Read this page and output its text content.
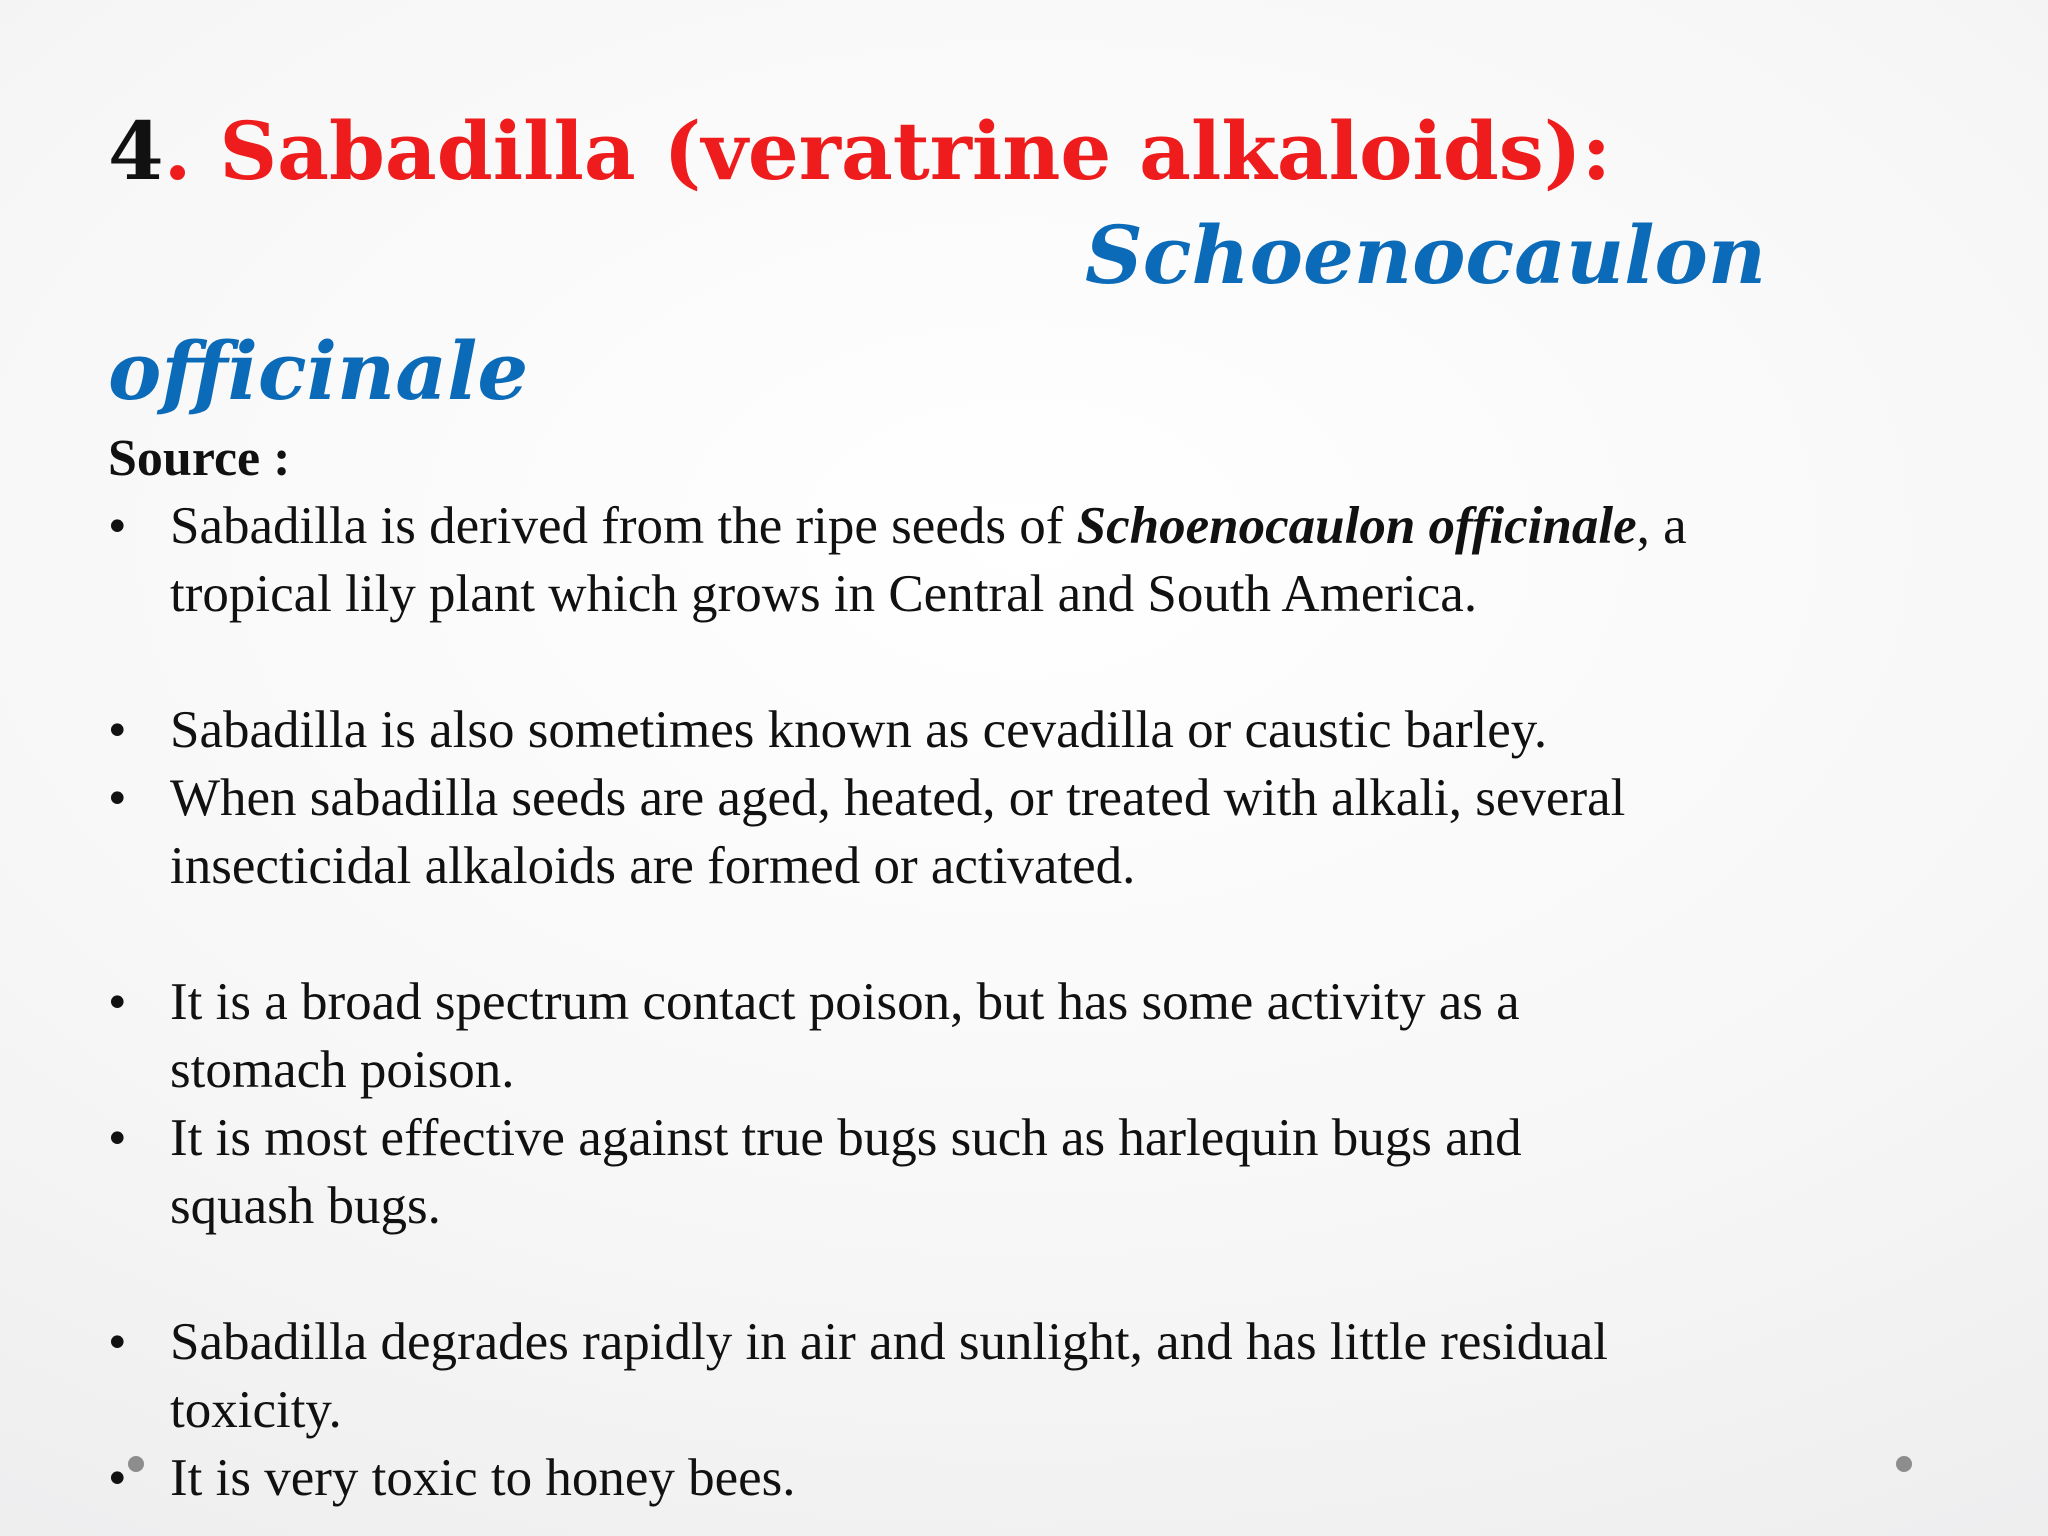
4. Sabadilla (veratrine alkaloids):
Schoenocaulon
officinale
Source :
• Sabadilla is derived from the ripe seeds of Schoenocaulon officinale, a
tropical lily plant which grows in Central and South America.
• Sabadilla is also sometimes known as cevadilla or caustic barley.
• When sabadilla seeds are aged, heated, or treated with alkali, several
insecticidal alkaloids are formed or activated.
• It is a broad spectrum contact poison, but has some activity as a
stomach poison.
• It is most effective against true bugs such as harlequin bugs and
squash bugs.
• Sabadilla degrades rapidly in air and sunlight, and has little residual
toxicity.
• It is very toxic to honey bees.
